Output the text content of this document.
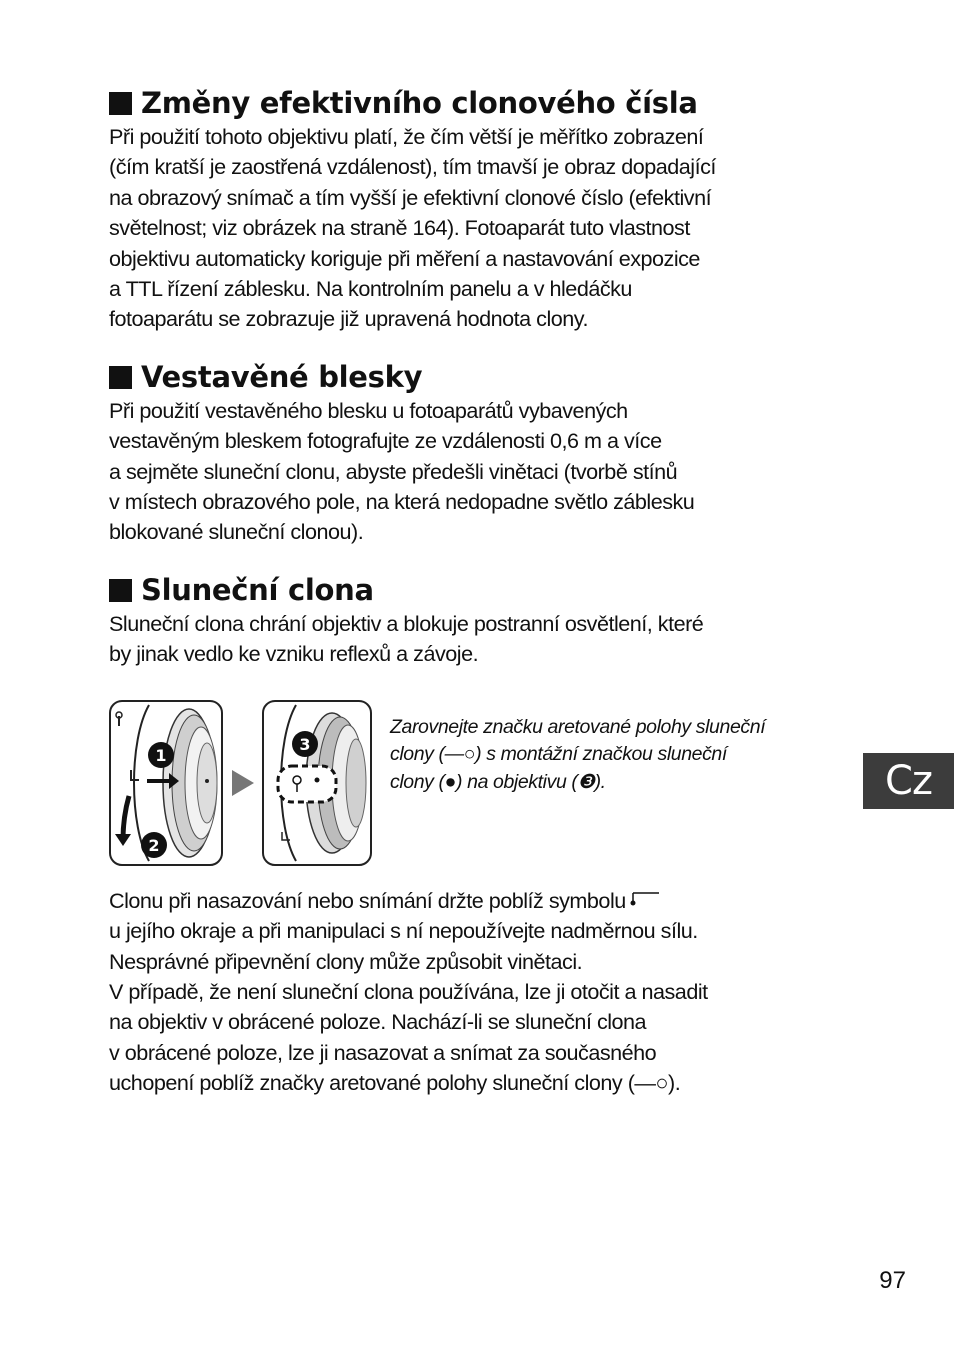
Změny efektivního clonového čísla

Při použití tohoto objektivu platí, že čím větší je měřítko zobrazení
(čím kratší je zaostřená vzdálenost), tím tmavší je obraz dopadající
na obrazový snímač a tím vyšší je efektivní clonové číslo (efektivní
světelnost; viz obrázek na straně 164). Fotoaparát tuto vlastnost
objektivu automaticky koriguje při měření a nastavování expozice
a TTL řízení záblesku. Na kontrolním panelu a v hledáčku
fotoaparátu se zobrazuje již upravená hodnota clony.

Vestavěné blesky

Při použití vestavěného blesku u fotoaparátů vybavených
vestavěným bleskem fotografujte ze vzdálenosti 0,6 m a více
a sejměte sluneční clonu, abyste předešli vinětaci (tvorbě stínů
v místech obrazového pole, na která nedopadne světlo záblesku
blokované sluneční clonou).

Sluneční clona

Sluneční clona chrání objektiv a blokuje postranní osvětlení, které
by jinak vedlo ke vzniku reflexů a závoje.

1
2
3
Zarovnejte značku aretované polohy sluneční
clony (—○) s montážní značkou sluneční
clony (●) na objektivu (❸).

Clonu při nasazování nebo snímání držte poblíž symbolu
u jejího okraje a při manipulaci s ní nepoužívejte nadměrnou sílu.
Nesprávné připevnění clony může způsobit vinětaci.

V případě, že není sluneční clona používána, lze ji otočit a nasadit
na objektiv v obrácené poloze. Nachází-li se sluneční clona
v obrácené poloze, lze ji nasazovat a snímat za současného
uchopení poblíž značky aretované polohy sluneční clony (—○).

Cz
97
